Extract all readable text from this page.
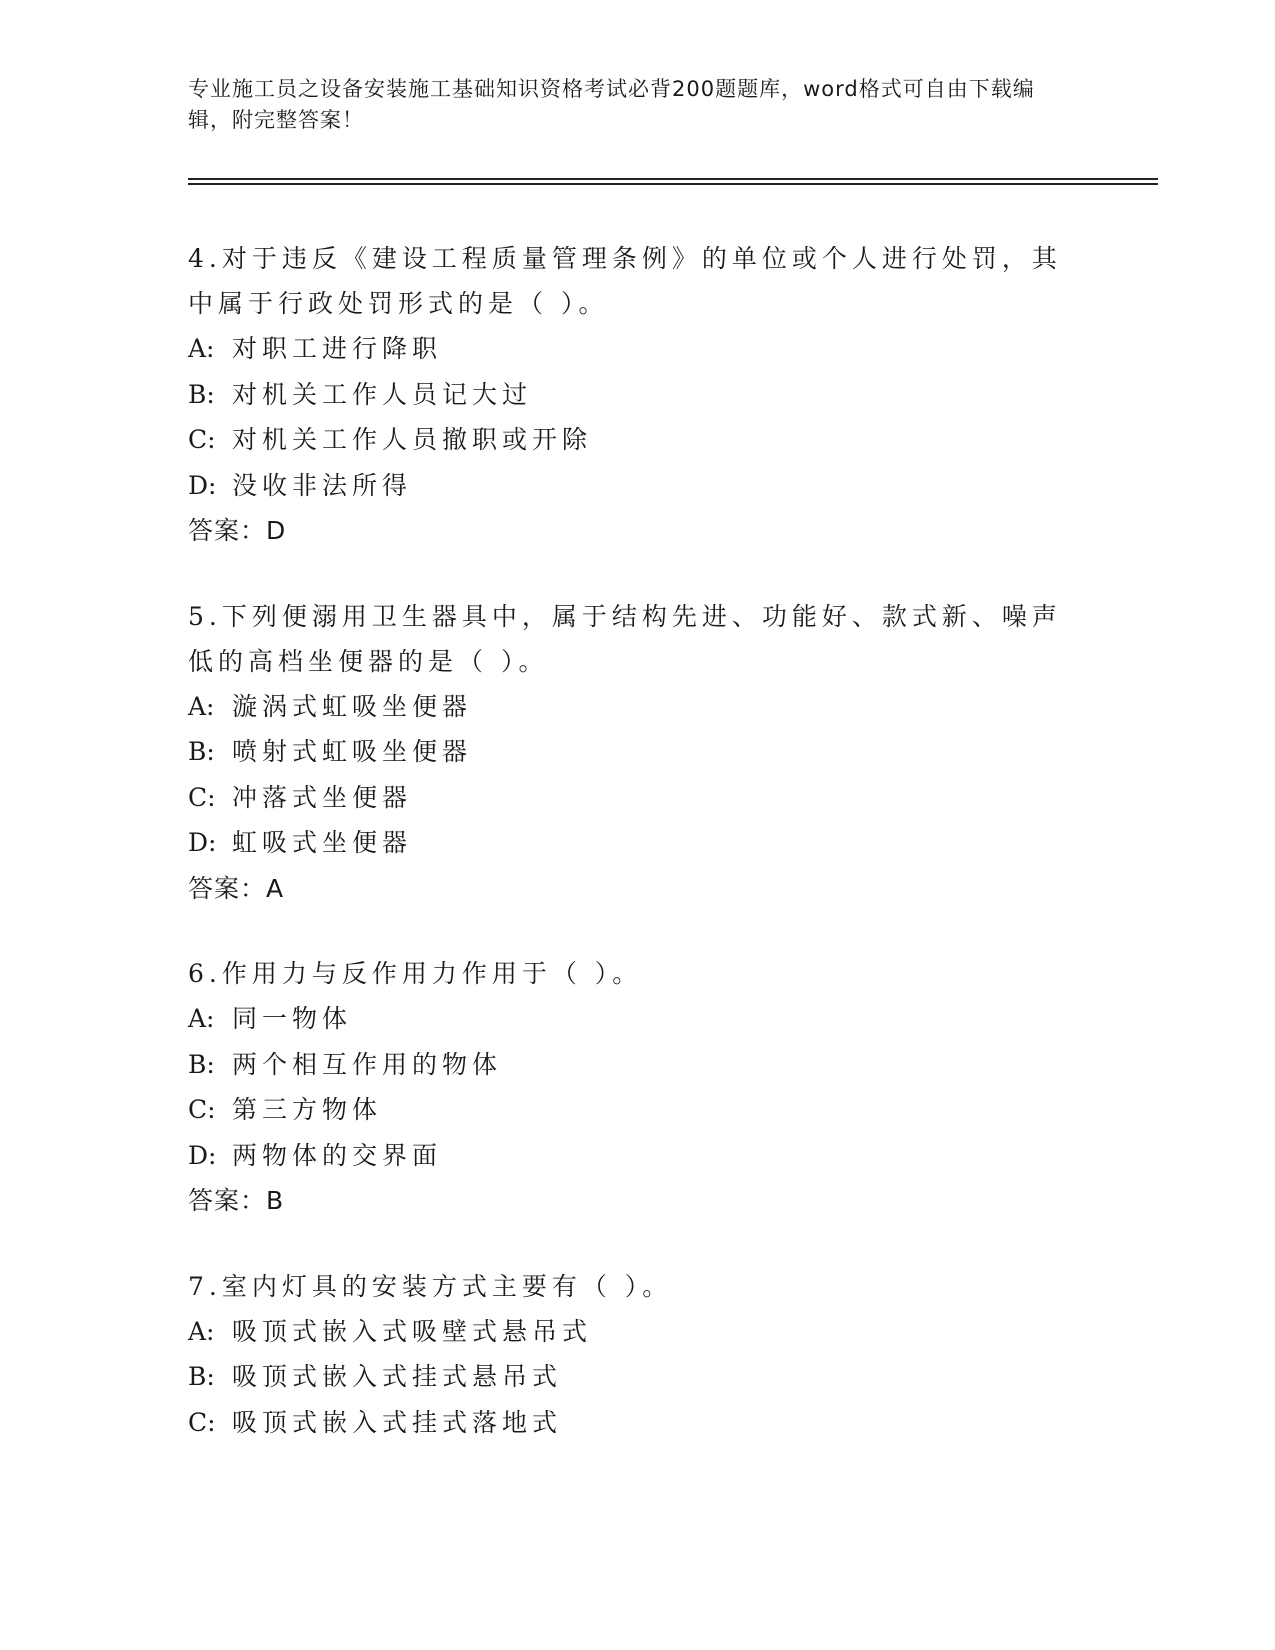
专业施工员之设备安装施工基础知识资格考试必背200题题库，word格式可自由下载编辑，附完整答案！

4.对于违反《建设工程质量管理条例》的单位或个人进行处罚，其中属于行政处罚形式的是（ ）。

A: 对职工进行降职
B: 对机关工作人员记大过
C: 对机关工作人员撤职或开除
D: 没收非法所得
答案：D

5.下列便溺用卫生器具中，属于结构先进、功能好、款式新、噪声低的高档坐便器的是（ ）。

A: 漩涡式虹吸坐便器
B: 喷射式虹吸坐便器
C: 冲落式坐便器
D: 虹吸式坐便器
答案：A

6.作用力与反作用力作用于（ ）。

A: 同一物体
B: 两个相互作用的物体
C: 第三方物体
D: 两物体的交界面
答案：B

7.室内灯具的安装方式主要有（ ）。

A: 吸顶式嵌入式吸壁式悬吊式
B: 吸顶式嵌入式挂式悬吊式
C: 吸顶式嵌入式挂式落地式
